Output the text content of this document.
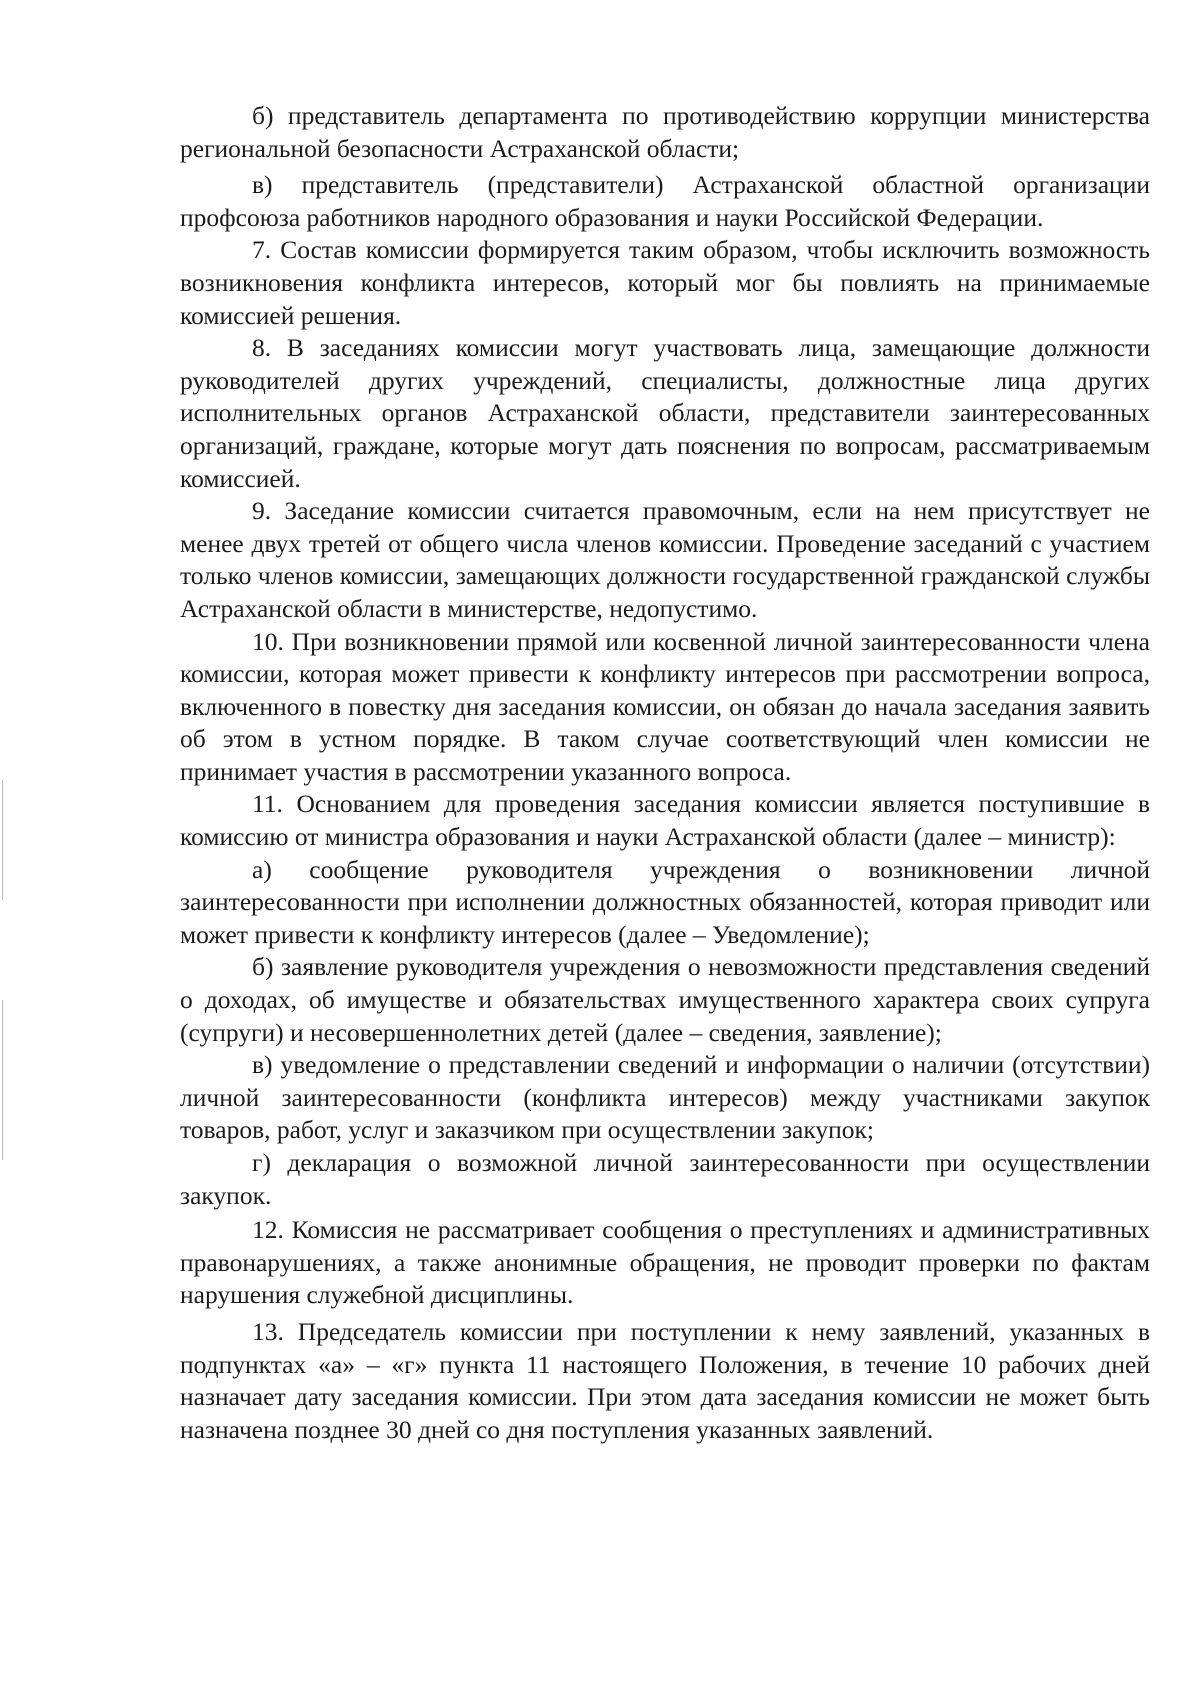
б) представитель департамента по противодействию коррупции министерства региональной безопасности Астраханской области;

в) представитель (представители) Астраханской областной организации профсоюза работников народного образования и науки Российской Федерации.

7. Состав комиссии формируется таким образом, чтобы исключить возможность возникновения конфликта интересов, который мог бы повлиять на принимаемые комиссией решения.

8. В заседаниях комиссии могут участвовать лица, замещающие должности руководителей других учреждений, специалисты, должностные лица других исполнительных органов Астраханской области, представители заинтересованных организаций, граждане, которые могут дать пояснения по вопросам, рассматриваемым комиссией.

9. Заседание комиссии считается правомочным, если на нем присутствует не менее двух третей от общего числа членов комиссии. Проведение заседаний с участием только членов комиссии, замещающих должности государственной гражданской службы Астраханской области в министерстве, недопустимо.

10. При возникновении прямой или косвенной личной заинтересованности члена комиссии, которая может привести к конфликту интересов при рассмотрении вопроса, включенного в повестку дня заседания комиссии, он обязан до начала заседания заявить об этом в устном порядке. В таком случае соответствующий член комиссии не принимает участия в рассмотрении указанного вопроса.

11. Основанием для проведения заседания комиссии является поступившие в комиссию от министра образования и науки Астраханской области (далее – министр):

а) сообщение руководителя учреждения о возникновении личной заинтересованности при исполнении должностных обязанностей, которая приводит или может привести к конфликту интересов (далее – Уведомление);

б) заявление руководителя учреждения о невозможности представления сведений о доходах, об имуществе и обязательствах имущественного характера своих супруга (супруги) и несовершеннолетних детей (далее – сведения, заявление);

в) уведомление о представлении сведений и информации о наличии (отсутствии) личной заинтересованности (конфликта интересов) между участниками закупок товаров, работ, услуг и заказчиком при осуществлении закупок;

г) декларация о возможной личной заинтересованности при осуществлении закупок.

12. Комиссия не рассматривает сообщения о преступлениях и административных правонарушениях, а также анонимные обращения, не проводит проверки по фактам нарушения служебной дисциплины.

13. Председатель комиссии при поступлении к нему заявлений, указанных в подпунктах «а» – «г» пункта 11 настоящего Положения, в течение 10 рабочих дней назначает дату заседания комиссии. При этом дата заседания комиссии не может быть назначена позднее 30 дней со дня поступления указанных заявлений.
